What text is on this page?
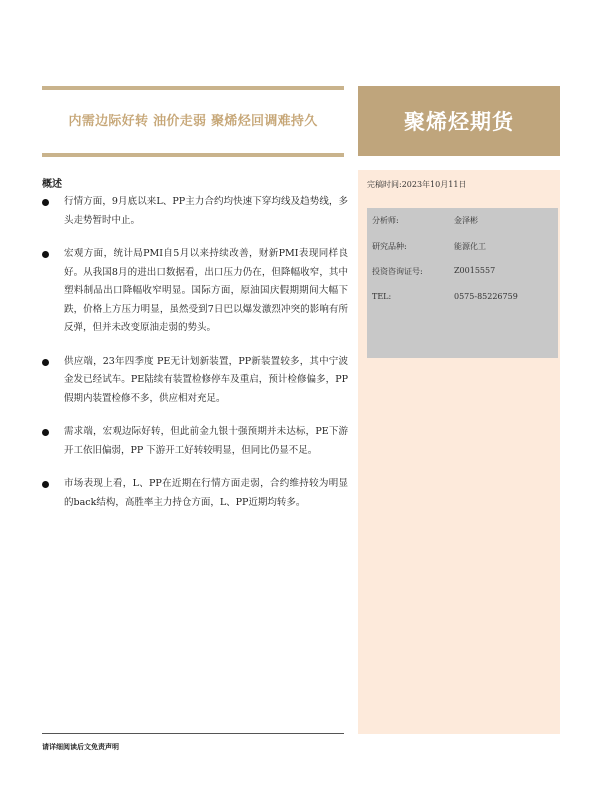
内需边际好转 油价走弱 聚烯烃回调难持久	聚烯烃期货
完稿时间:2023年10月11日
分析师:	金泽彬
研究品种:	能源化工
投资咨询证号:	Z0015557
TEL:	0575-85226759
概述
行情方面，9月底以来L、PP主力合约均快速下穿均线及趋势线，多头走势暂时中止。
宏观方面，统计局PMI自5月以来持续改善，财新PMI表现同样良好。从我国8月的进出口数据看，出口压力仍在，但降幅收窄，其中塑料制品出口降幅收窄明显。国际方面，原油国庆假期期间大幅下跌，价格上方压力明显，虽然受到7日巴以爆发激烈冲突的影响有所反弹，但并未改变原油走弱的势头。
供应端，23年四季度 PE无计划新装置，PP新装置较多，其中宁波金发已经试车。PE陆续有装置检修停车及重启，预计检修偏多，PP假期内装置检修不多，供应相对充足。
需求端，宏观边际好转，但此前金九银十强预期并未达标，PE下游开工依旧偏弱，PP 下游开工好转较明显，但同比仍显不足。
市场表现上看，L、PP在近期在行情方面走弱，合约维持较为明显的back结构，高胜率主力持仓方面，L、PP近期均转多。
请详细阅读后文免责声明
